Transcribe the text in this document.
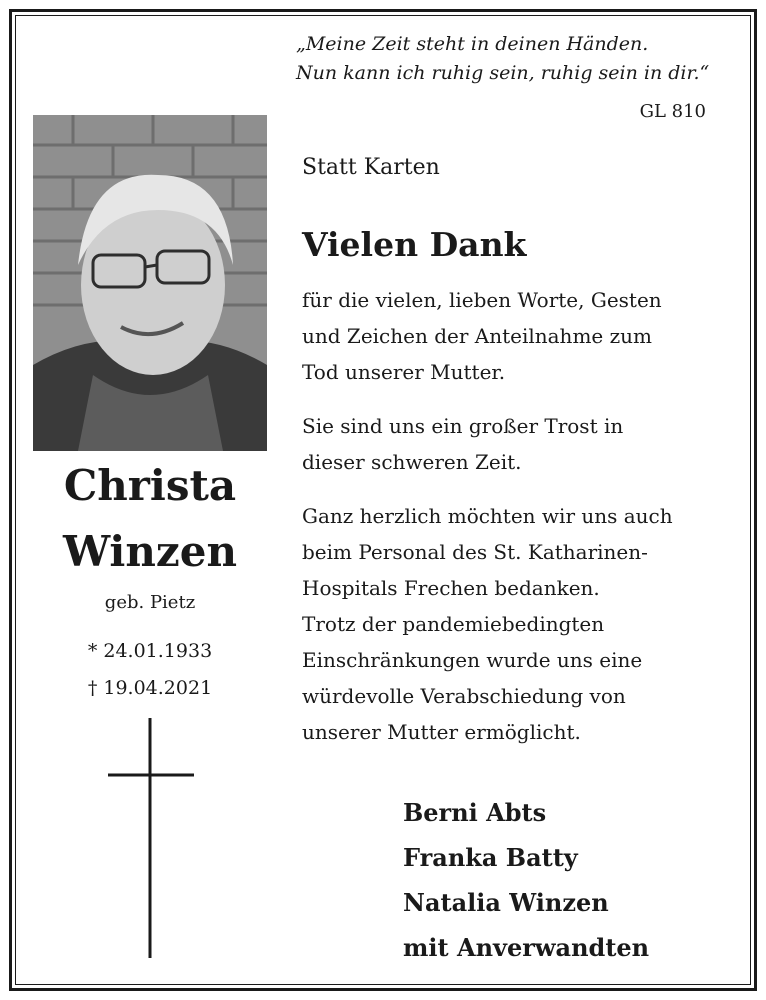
„Meine Zeit steht in deinen Händen.
Nun kann ich ruhig sein, ruhig sein in dir.“
GL 810
Christa
Winzen
geb. Pietz
* 24.01.1933
† 19.04.2021
Statt Karten
Vielen Dank
für die vielen, lieben Worte, Gesten
und Zeichen der Anteilnahme zum
Tod unserer Mutter.
Sie sind uns ein großer Trost in
dieser schweren Zeit.
Ganz herzlich möchten wir uns auch
beim Personal des St. Katharinen-
Hospitals Frechen bedanken.
Trotz der pandemiebedingten
Einschränkungen wurde uns eine
würdevolle Verabschiedung von
unserer Mutter ermöglicht.
Berni Abts
Franka Batty
Natalia Winzen
mit Anverwandten
